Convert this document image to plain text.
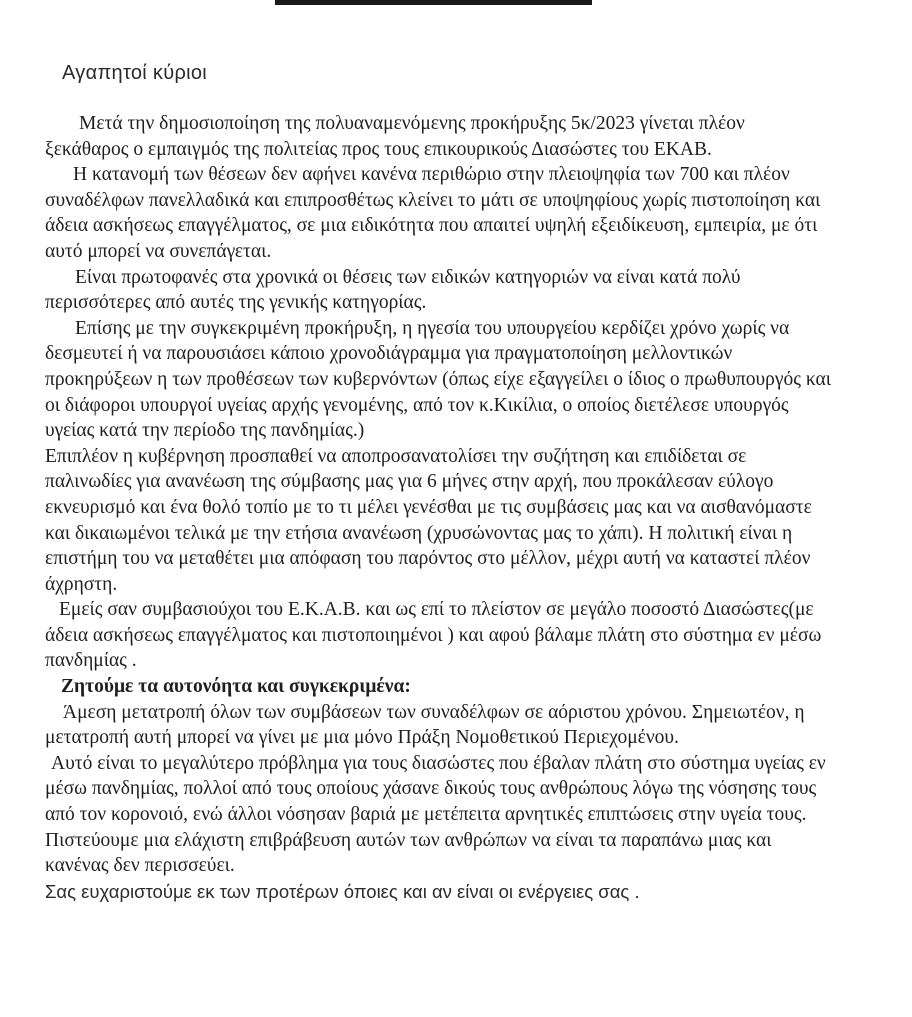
Αγαπητοί κύριοι

Μετά την δημοσιοποίηση της πολυαναμενόμενης προκήρυξης 5κ/2023 γίνεται πλέον ξεκάθαρος ο εμπαιγμός της πολιτείας προς τους επικουρικούς Διασώστες του ΕΚΑΒ.

Η κατανομή των θέσεων δεν αφήνει κανένα περιθώριο στην πλειοψηφία των 700 και πλέον συναδέλφων πανελλαδικά και επιπροσθέτως κλείνει το μάτι σε υποψηφίους χωρίς πιστοποίηση και άδεια ασκήσεως επαγγέλματος, σε μια ειδικότητα που απαιτεί υψηλή εξειδίκευση, εμπειρία, με ότι αυτό μπορεί να συνεπάγεται.

Είναι πρωτοφανές στα χρονικά οι θέσεις των ειδικών κατηγοριών να είναι κατά πολύ περισσότερες από αυτές της γενικής κατηγορίας.

Επίσης με την συγκεκριμένη προκήρυξη, η ηγεσία του υπουργείου κερδίζει χρόνο χωρίς να δεσμευτεί ή να παρουσιάσει κάποιο χρονοδιάγραμμα για πραγματοποίηση μελλοντικών προκηρύξεων η των προθέσεων των κυβερνόντων (όπως είχε εξαγγείλει ο ίδιος ο πρωθυπουργός και οι διάφοροι υπουργοί υγείας αρχής γενομένης, από τον κ.Κικίλια, ο οποίος διετέλεσε υπουργός υγείας κατά την περίοδο της πανδημίας.)

Επιπλέον η κυβέρνηση προσπαθεί να αποπροσανατολίσει την συζήτηση και επιδίδεται σε παλινωδίες για ανανέωση της σύμβασης μας για 6 μήνες στην αρχή, που προκάλεσαν εύλογο εκνευρισμό και ένα θολό τοπίο με το τι μέλει γενέσθαι με τις συμβάσεις μας και να αισθανόμαστε και δικαιωμένοι τελικά με την ετήσια ανανέωση (χρυσώνοντας μας το χάπι). Η πολιτική είναι η επιστήμη του να μεταθέτει μια απόφαση του παρόντος στο μέλλον, μέχρι αυτή να καταστεί πλέον άχρηστη.

Εμείς σαν συμβασιούχοι του Ε.Κ.Α.Β. και ως επί το πλείστον σε μεγάλο ποσοστό Διασώστες(με άδεια ασκήσεως επαγγέλματος και πιστοποιημένοι ) και αφού βάλαμε πλάτη στο σύστημα εν μέσω πανδημίας .

Ζητούμε τα αυτονόητα και συγκεκριμένα:

Άμεση μετατροπή όλων των συμβάσεων των συναδέλφων σε αόριστου χρόνου. Σημειωτέον, η μετατροπή αυτή μπορεί να γίνει με μια μόνο Πράξη Νομοθετικού Περιεχομένου.

Αυτό είναι το μεγαλύτερο πρόβλημα για τους διασώστες που έβαλαν πλάτη στο σύστημα υγείας εν μέσω πανδημίας, πολλοί από τους οποίους χάσανε δικούς τους ανθρώπους λόγω της νόσησης τους από τον κορονοιό, ενώ άλλοι νόσησαν βαριά με μετέπειτα αρνητικές επιπτώσεις στην υγεία τους.

Πιστεύουμε μια ελάχιστη επιβράβευση αυτών των ανθρώπων να είναι τα παραπάνω μιας και κανένας δεν περισσεύει.

Σας ευχαριστούμε εκ των προτέρων όποιες και αν είναι οι ενέργειες σας .
